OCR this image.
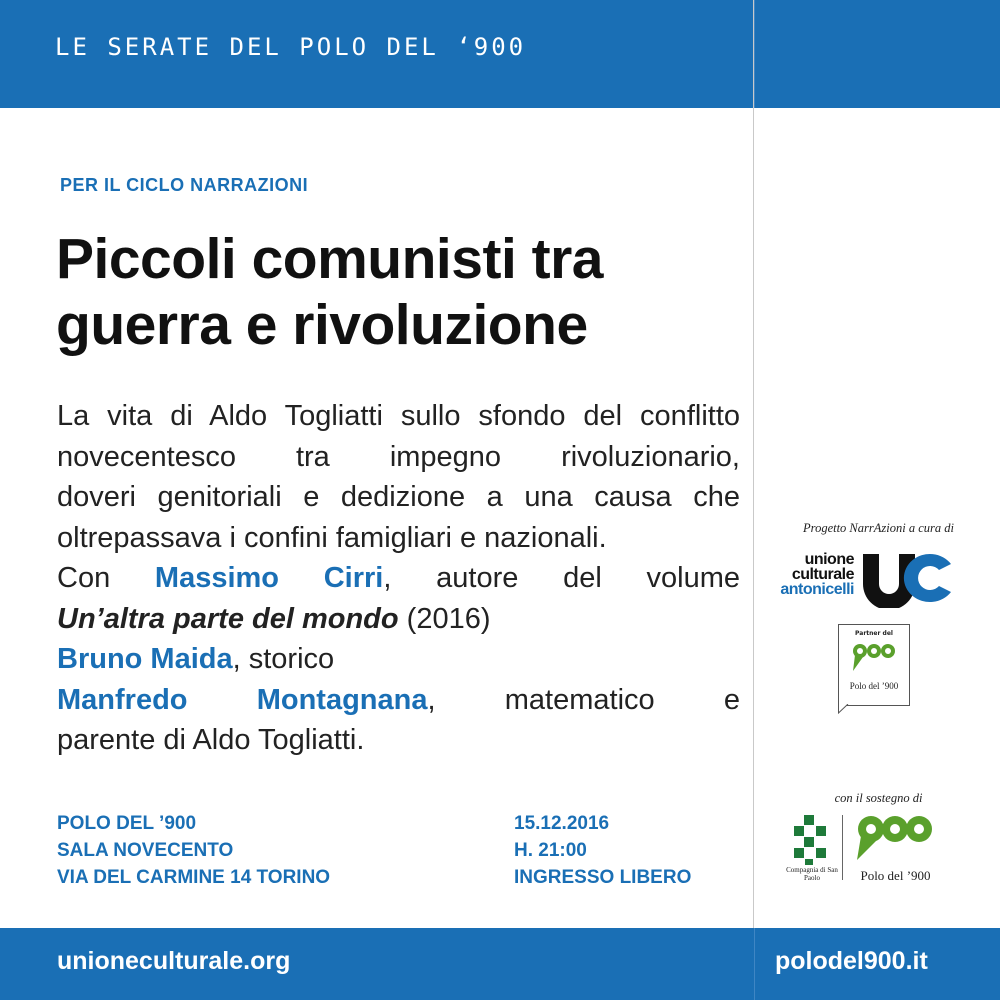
LE SERATE DEL POLO DEL ‘900
PER IL CICLO NARRAZIONI
Piccoli comunisti tra
guerra e rivoluzione

La vita di Aldo Togliatti sullo sfondo del conflitto

novecentesco tra impegno rivoluzionario,

doveri genitoriali e dedizione a una causa che

oltrepassava i confini famigliari e nazionali.

Con Massimo Cirri, autore del volume

Un’altra parte del mondo (2016)

Bruno Maida, storico

Manfredo Montagnana, matematico e

parente di Aldo Togliatti.

POLO DEL ’900
SALA NOVECENTO
VIA DEL CARMINE 14 TORINO
15.12.2016
H. 21:00
INGRESSO LIBERO
Progetto NarrAzioni a cura di
unione
culturale
antonicelli
Partner del
Polo del ’900
con il sostegno di
Compagnia di San Paolo	Polo del ’900
unioneculturale.org	polodel900.it
